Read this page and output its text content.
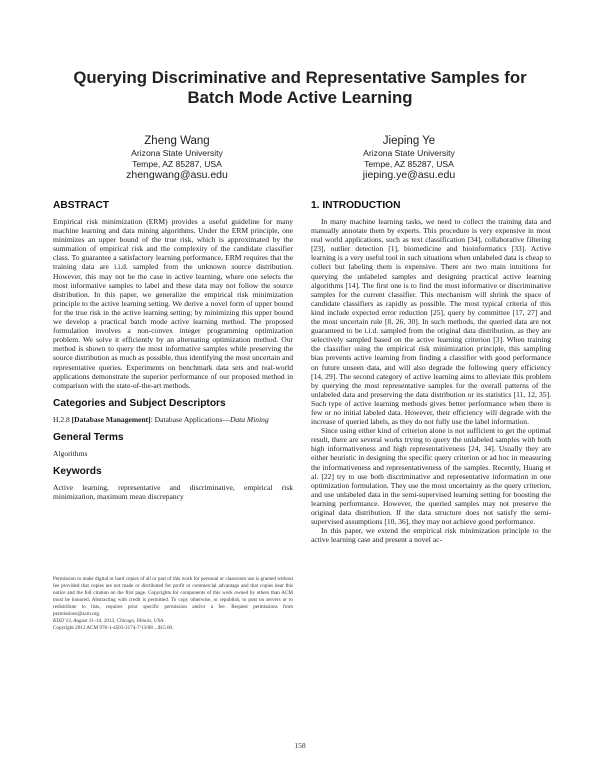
Querying Discriminative and Representative Samples for
Batch Mode Active Learning
Zheng Wang
Arizona State University
Tempe, AZ 85287, USA
zhengwang@asu.edu
Jieping Ye
Arizona State University
Tempe, AZ 85287, USA
jieping.ye@asu.edu
ABSTRACT

Empirical risk minimization (ERM) provides a useful guideline for many machine learning and data mining algorithms. Under the ERM principle, one minimizes an upper bound of the true risk, which is approximated by the summation of empirical risk and the complexity of the candidate classifier class. To guarantee a satisfactory learning performance, ERM requires that the training data are i.i.d. sampled from the unknown source distribution. However, this may not be the case in active learning, where one selects the most informative samples to label and these data may not follow the source distribution. In this paper, we generalize the empirical risk minimization principle to the active learning setting. We derive a novel form of upper bound for the true risk in the active learning setting; by minimizing this upper bound we develop a practical batch mode active learning method. The proposed formulation involves a non-convex integer programming optimization problem. We solve it efficiently by an alternating optimization method. Our method is shown to query the most informative samples while preserving the source distribution as much as possible, thus identifying the most uncertain and representative queries. Experiments on benchmark data sets and real-world applications demonstrate the superior performance of our proposed method in comparison with the state-of-the-art methods.

Categories and Subject Descriptors

H.2.8 [Database Management]: Database Applications—Data Mining

General Terms

Algorithms

Keywords

Active learning, representative and discriminative, empirical risk minimization, maximum mean discrepancy

Permission to make digital or hard copies of all or part of this work for personal or classroom use is granted without fee provided that copies are not made or distributed for profit or commercial advantage and that copies bear this notice and the full citation on the first page. Copyrights for components of this work owned by others than ACM must be honored. Abstracting with credit is permitted. To copy otherwise, or republish, to post on servers or to redistribute to lists, requires prior specific permission and/or a fee. Request permissions from permissions@acm.org.
KDD’13, August 11–14, 2013, Chicago, Illinois, USA.
Copyright 2013 ACM 978-1-4503-2174-7/13/08 ...$15.00.
1. INTRODUCTION

In many machine learning tasks, we need to collect the training data and manually annotate them by experts. This procedure is very expensive in most real world applications, such as text classification [34], collaborative filtering [23], outlier detection [1], biomedicine and bioinformatics [33]. Active learning is a very useful tool in such situations when unlabeled data is cheap to collect but labeling them is expensive. There are two main intuitions for querying the unlabeled samples and designing practical active learning algorithms [14]. The first one is to find the most informative or discriminative samples for the current classifier. This mechanism will shrink the space of candidate classifiers as rapidly as possible. The most typical criteria of this kind include expected error reduction [25], query by committee [17, 27] and the most uncertain rule [8, 26, 30]. In such methods, the queried data are not guaranteed to be i.i.d. sampled from the original data distribution, as they are selectively sampled based on the active learning criterion [3]. When training the classifier using the empirical risk minimization principle, this sampling bias prevents active learning from finding a classifier with good performance on future unseen data, and will also degrade the following query efficiency [14, 29]. The second category of active learning aims to alleviate this problem by querying the most representative samples for the overall patterns of the unlabeled data and preserving the data distribution or its statistics [11, 12, 35]. Such type of active learning methods gives better performance when there is few or no initial labeled data. However, their efficiency will degrade with the increase of queried labels, as they do not fully use the label information.

Since using either kind of criterion alone is not sufficient to get the optimal result, there are several works trying to query the unlabeled samples with both high informativeness and high representativeness [24, 34]. Usually they are either heuristic in designing the specific query criterion or ad hoc in measuring the informativeness and representativeness of the samples. Recently, Huang et al. [22] try to use both discriminative and representative information in one optimization formulation. They use the most uncertainty as the query criterion, and use unlabeled data in the semi-supervised learning setting for boosting the learning performance. However, the queried samples may not preserve the original data distribution. If the data structure does not satisfy the semi-supervised assumptions [10, 36], they may not achieve good performance.

In this paper, we extend the empirical risk minimization principle to the active learning case and present a novel ac-

158
